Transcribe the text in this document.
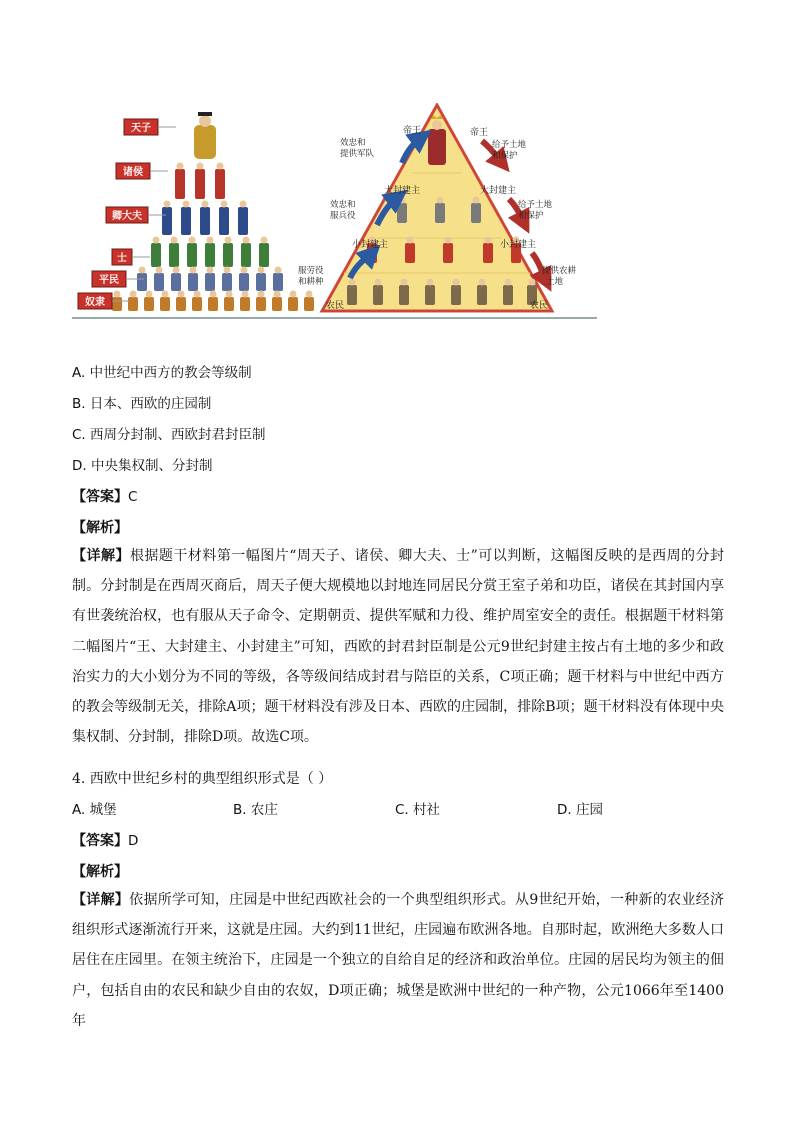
天子
诸侯
卿大夫
士
平民
奴隶
帝王	帝王
大封建主	大封建主
小封建主	小封建主
农民	农民
效忠和提供军队
效忠和服兵役
服劳役和耕种
给予土地和保护
给予土地和保护
提供农耕土地
A. 中世纪中西方的教会等级制
B. 日本、西欧的庄园制
C. 西周分封制、西欧封君封臣制
D. 中央集权制、分封制
【答案】C
【解析】
【详解】根据题干材料第一幅图片“周天子、诸侯、卿大夫、士”可以判断，这幅图反映的是西周的分封制。分封制是在西周灭商后，周天子便大规模地以封地连同居民分赏王室子弟和功臣，诸侯在其封国内享有世袭统治权，也有服从天子命令、定期朝贡、提供军赋和力役、维护周室安全的责任。根据题干材料第二幅图片“王、大封建主、小封建主”可知，西欧的封君封臣制是公元9世纪封建主按占有土地的多少和政治实力的大小划分为不同的等级，各等级间结成封君与陪臣的关系，C项正确；题干材料与中世纪中西方的教会等级制无关，排除A项；题干材料没有涉及日本、西欧的庄园制，排除B项；题干材料没有体现中央集权制、分封制，排除D项。故选C项。
4. 西欧中世纪乡村的典型组织形式是（ ）
A. 城堡	B. 农庄	C. 村社	D. 庄园
【答案】D
【解析】
【详解】依据所学可知，庄园是中世纪西欧社会的一个典型组织形式。从9世纪开始，一种新的农业经济组织形式逐渐流行开来，这就是庄园。大约到11世纪，庄园遍布欧洲各地。自那时起，欧洲绝大多数人口居住在庄园里。在领主统治下，庄园是一个独立的自给自足的经济和政治单位。庄园的居民均为领主的佃户，包括自由的农民和缺少自由的农奴，D项正确；城堡是欧洲中世纪的一种产物，公元1066年至1400年
